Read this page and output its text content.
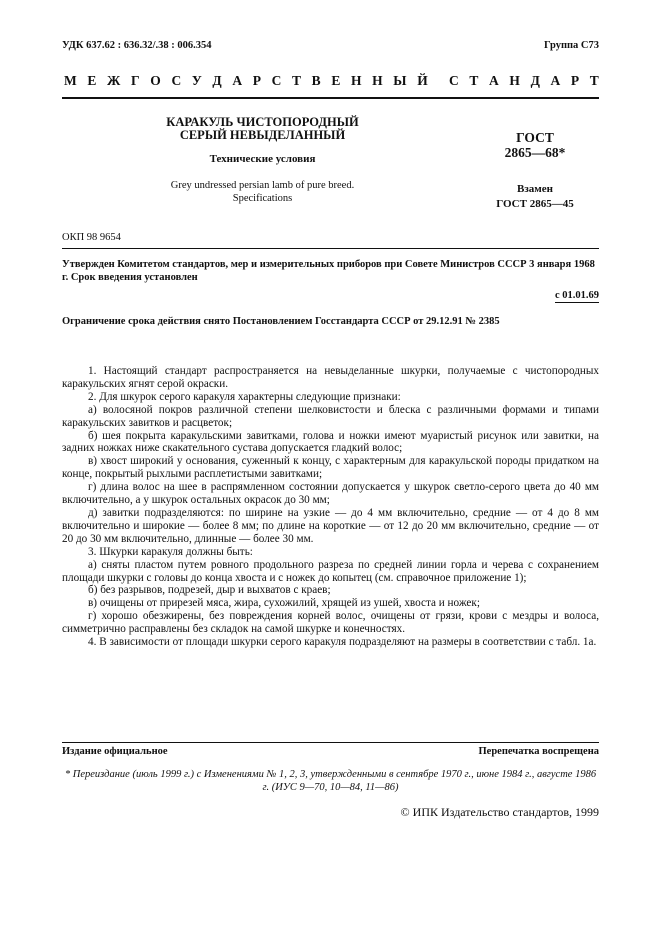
УДК 637.62 : 636.32/.38 : 006.354	Группа С73
М Е Ж Г О С У Д А Р С Т В Е Н Н Ы Й С Т А Н Д А Р Т
КАРАКУЛЬ ЧИСТОПОРОДНЫЙ
СЕРЫЙ НЕВЫДЕЛАННЫЙ
Технические условия
Grey undressed persian lamb of pure breed.
Specifications
ГОСТ
2865—68*
Взамен
ГОСТ 2865—45
ОКП 98 9654
Утвержден Комитетом стандартов, мер и измерительных приборов при Совете Министров СССР 3 января 1968 г. Срок введения установлен
с 01.01.69
Ограничение срока действия снято Постановлением Госстандарта СССР от 29.12.91 № 2385

1. Настоящий стандарт распространяется на невыделанные шкурки, получаемые с чистопородных каракульских ягнят серой окраски.

2. Для шкурок серого каракуля характерны следующие признаки:

а) волосяной покров различной степени шелковистости и блеска с различными формами и типами каракульских завитков и расцветок;

б) шея покрыта каракульскими завитками, голова и ножки имеют муаристый рисунок или завитки, на задних ножках ниже скакательного сустава допускается гладкий волос;

в) хвост широкий у основания, суженный к концу, с характерным для каракульской породы придатком на конце, покрытый рыхлыми расплетистыми завитками;

г) длина волос на шее в распрямленном состоянии допускается у шкурок светло-серого цвета до 40 мм включительно, а у шкурок остальных окрасок до 30 мм;

д) завитки подразделяются: по ширине на узкие — до 4 мм включительно, средние — от 4 до 8 мм включительно и широкие — более 8 мм; по длине на короткие — от 12 до 20 мм включительно, средние — от 20 до 30 мм включительно, длинные — более 30 мм.

3. Шкурки каракуля должны быть:

а) сняты пластом путем ровного продольного разреза по средней линии горла и черева с сохранением площади шкурки с головы до конца хвоста и с ножек до копытец (см. справочное приложение 1);

б) без разрывов, подрезей, дыр и выхватов с краев;

в) очищены от прирезей мяса, жира, сухожилий, хрящей из ушей, хвоста и ножек;

г) хорошо обезжирены, без повреждения корней волос, очищены от грязи, крови с мездры и волоса, симметрично расправлены без складок на самой шкурке и конечностях.

4. В зависимости от площади шкурки серого каракуля подразделяют на размеры в соответствии с табл. 1а.

Издание официальное	Перепечатка воспрещена
* Переиздание (июль 1999 г.) с Изменениями № 1, 2, 3, утвержденными в сентябре 1970 г., июне 1984 г., августе 1986 г. (ИУС 9—70, 10—84, 11—86)
© ИПК Издательство стандартов, 1999
